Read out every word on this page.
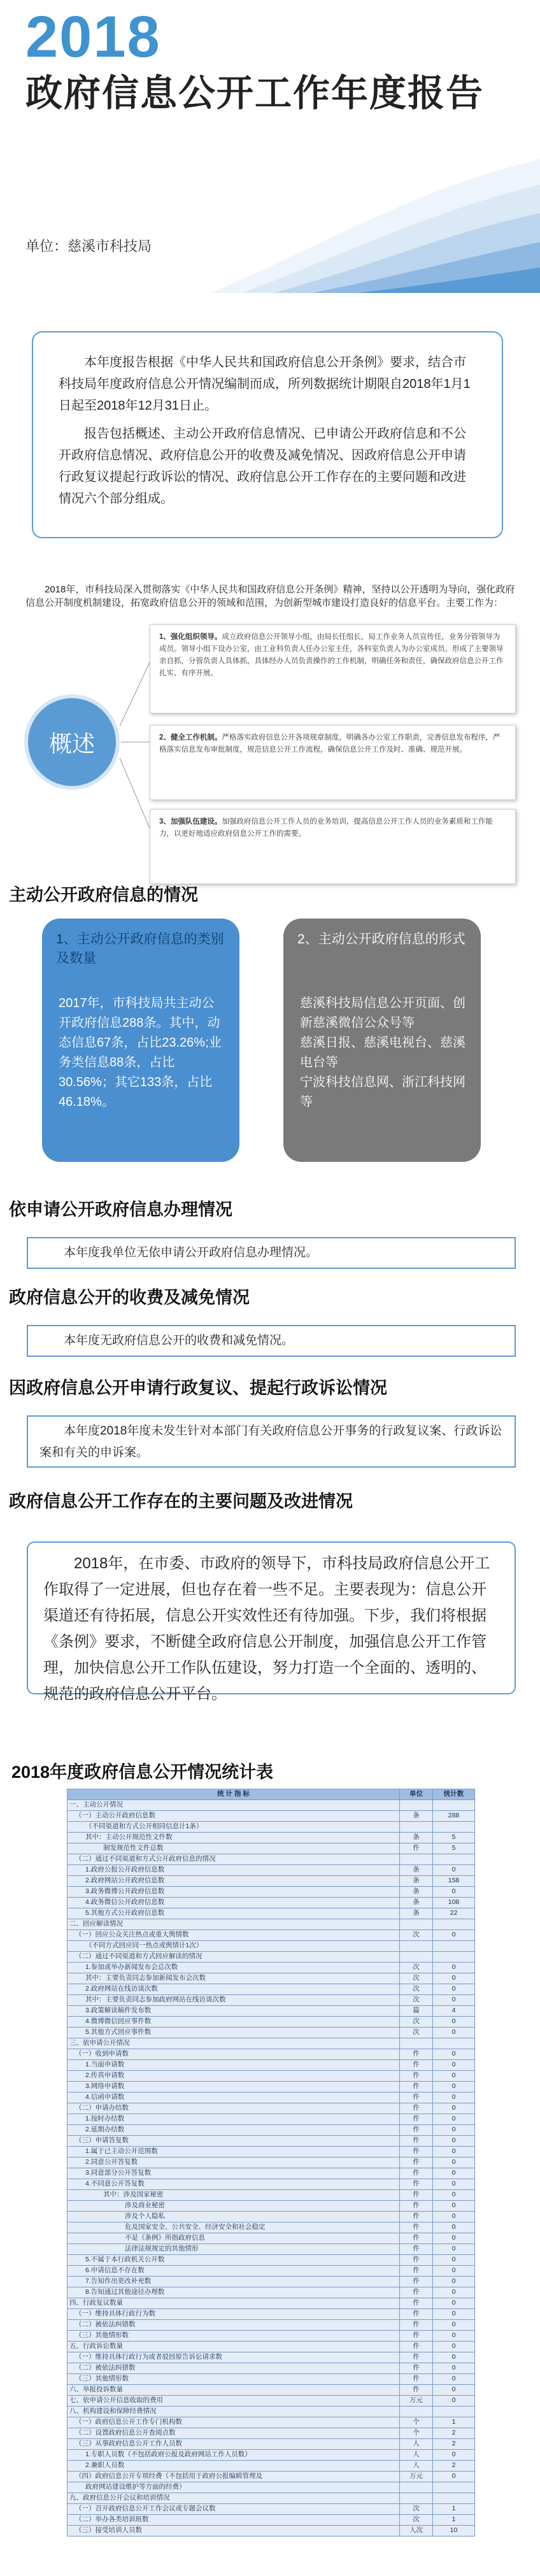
2018
政府信息公开工作年度报告
单位：慈溪市科技局

本年度报告根据《中华人民共和国政府信息公开条例》要求，结合市科技局年度政府信息公开情况编制而成，所列数据统计期限自2018年1月1日起至2018年12月31日止。

报告包括概述、主动公开政府信息情况、已申请公开政府信息和不公开政府信息情况、政府信息公开的收费及减免情况、因政府信息公开申请行政复议提起行政诉讼的情况、政府信息公开工作存在的主要问题和改进情况六个部分组成。

2018年，市科技局深入贯彻落实《中华人民共和国政府信息公开条例》精神，坚持以公开透明为导向，强化政府信息公开制度机制建设，拓宽政府信息公开的领域和范围，为创新型城市建设打造良好的信息平台。主要工作为：

概述
1、强化组织领导。成立政府信息公开领导小组，由局长任组长，局工作业务人员宣传任，业务分管领导为成员。领导小组下设办公室，由工业科负责人任办公室主任，各科室负责人为办公室成员。形成了主要领导亲自抓，分管负责人具体抓，具体经办人员负责操作的工作机制，明确任务和责任，确保政府信息公开工作扎实、有序开展。
2、健全工作机制。严格落实政府信息公开各项规章制度，明确各办公室工作职责，完善信息发布程序，严格落实信息发布审批制度，规范信息公开工作流程，确保信息公开工作及时、准确、规范开展。
3、加强队伍建设。加强政府信息公开工作人员的业务培训，提高信息公开工作人员的业务素质和工作能力，以更好地适应政府信息公开工作的需要。
主动公开政府信息的情况
1、主动公开政府信息的类别及数量
2017年，市科技局共主动公开政府信息288条。其中，动态信息67条，占比23.26%;业务类信息88条，占比30.56%；其它133条，占比46.18%。
2、主动公开政府信息的形式
慈溪科技局信息公开页面、创新慈溪微信公众号等
慈溪日报、慈溪电视台、慈溪电台等
宁波科技信息网、浙江科技网等
依申请公开政府信息办理情况
本年度我单位无依申请公开政府信息办理情况。
政府信息公开的收费及减免情况
本年度无政府信息公开的收费和减免情况。
因政府信息公开申请行政复议、提起行政诉讼情况
本年度2018年度未发生针对本部门有关政府信息公开事务的行政复议案、行政诉讼案和有关的申诉案。
政府信息公开工作存在的主要问题及改进情况
2018年，在市委、市政府的领导下，市科技局政府信息公开工作取得了一定进展，但也存在着一些不足。主要表现为：信息公开渠道还有待拓展，信息公开实效性还有待加强。下步，我们将根据《条例》要求，不断健全政府信息公开制度，加强信息公开工作管理，加快信息公开工作队伍建设，努力打造一个全面的、透明的、规范的政府信息公开平台。
2018年度政府信息公开情况统计表
统 计 指 标	单位	统计数
一、主动公开情况		
（一）主动公开政府信息数	条	288
（不同渠道和方式公开相同信息计1条）		
其中：主动公开规范性文件数	条	5
制发规范性文件总数	件	5
（二）通过不同渠道和方式公开政府信息的情况		
1.政府公报公开政府信息数	条	0
2.政府网站公开政府信息数	条	158
3.政务微博公开政府信息数	条	0
4.政务微信公开政府信息数	条	108
5.其他方式公开政府信息数	条	22
二、回应解读情况		
（一）回应公众关注热点或重大舆情数	次	0
（不同方式回应同一热点或舆情计1次）		
（二）通过不同渠道和方式回应解读的情况		
1.参加或举办新闻发布会总次数	次	0
其中：主要负责同志参加新闻发布会次数	次	0
2.政府网站在线访谈次数	次	0
其中：主要负责同志参加政府网站在线访谈次数	次	0
3.政策解读稿件发布数	篇	4
4.微博微信回应事件数	次	0
5.其他方式回应事件数	次	0
三、依申请公开情况		
（一）收到申请数	件	0
1.当面申请数	件	0
2.传真申请数	件	0
3.网络申请数	件	0
4.信函申请数	件	0
（二）申请办结数	件	0
1.按时办结数	件	0
2.延期办结数	件	0
（三）申请答复数	件	0
1.属于已主动公开范围数	件	0
2.同意公开答复数	件	0
3.同意部分公开答复数	件	0
4.不同意公开答复数	件	0
其中：涉及国家秘密	件	0
涉及商业秘密	件	0
涉及个人隐私	件	0
危及国家安全、公共安全、经济安全和社会稳定	件	0
不是《条例》所指政府信息	件	0
法律法规规定的其他情形	件	0
5.不属于本行政机关公开数	件	0
6.申请信息不存在数	件	0
7.告知作出更改补充数	件	0
8.告知通过其他途径办理数	件	0
四、行政复议数量	件	0
（一）维持具体行政行为数	件	0
（二）被依法纠错数	件	0
（三）其他情形数	件	0
五、行政诉讼数量	件	0
（一）维持具体行政行为或者驳回原告诉讼请求数	件	0
（二）被依法纠错数	件	0
（三）其他情形数	件	0
六、举报投诉数量	件	0
七、依申请公开信息收取的费用	万元	0
八、机构建设和保障经费情况		
（一）政府信息公开工作专门机构数	个	1
（二）设置政府信息公开查阅点数	个	2
（三）从事政府信息公开工作人员数	人	2
1.专职人员数（不包括政府公报及政府网站工作人员数）	人	0
2.兼职人员数	人	2
（四）政府信息公开专项经费（不包括用于政府公报编辑管理及	万元	0
政府网站建设维护等方面的经费）		
九、政府信息公开会议和培训情况		
（一）召开政府信息公开工作会议或专题会议数	次	1
（二）举办各类培训班数	次	1
（三）接受培训人员数	人次	10
